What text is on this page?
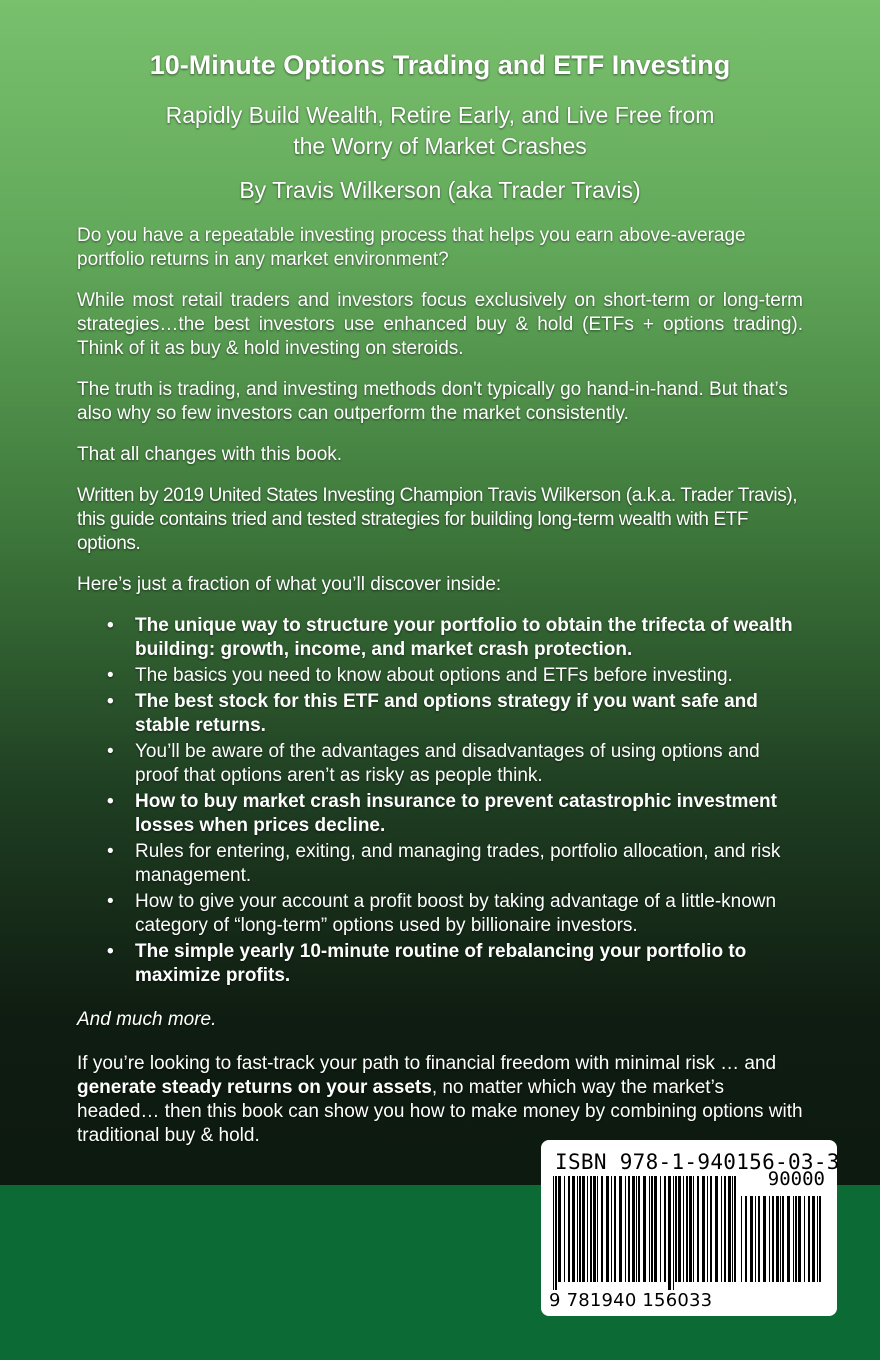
10-Minute Options Trading and ETF Investing

Rapidly Build Wealth, Retire Early, and Live Free from the Worry of Market Crashes

By Travis Wilkerson (aka Trader Travis)

Do you have a repeatable investing process that helps you earn above-average portfolio returns in any market environment?

While most retail traders and investors focus exclusively on short-term or long-term strategies…the best investors use enhanced buy & hold (ETFs + options trading). Think of it as buy & hold investing on steroids.

The truth is trading, and investing methods don't typically go hand-in-hand. But that’s also why so few investors can outperform the market consistently.

That all changes with this book.

Written by 2019 United States Investing Champion Travis Wilkerson (a.k.a. Trader Travis), this guide contains tried and tested strategies for building long-term wealth with ETF options.

Here’s just a fraction of what you’ll discover inside:

• The unique way to structure your portfolio to obtain the trifecta of wealth building: growth, income, and market crash protection.
• The basics you need to know about options and ETFs before investing.
• The best stock for this ETF and options strategy if you want safe and stable returns.
• You’ll be aware of the advantages and disadvantages of using options and proof that options aren’t as risky as people think.
• How to buy market crash insurance to prevent catastrophic investment losses when prices decline.
• Rules for entering, exiting, and managing trades, portfolio allocation, and risk management.
• How to give your account a profit boost by taking advantage of a little-known category of “long-term” options used by billionaire investors.
• The simple yearly 10-minute routine of rebalancing your portfolio to maximize profits.

And much more.

If you’re looking to fast-track your path to financial freedom with minimal risk … and generate steady returns on your assets, no matter which way the market’s headed… then this book can show you how to make money by combining options with traditional buy & hold.

ISBN 978-1-940156-03-3
90000
9 781940 156033
